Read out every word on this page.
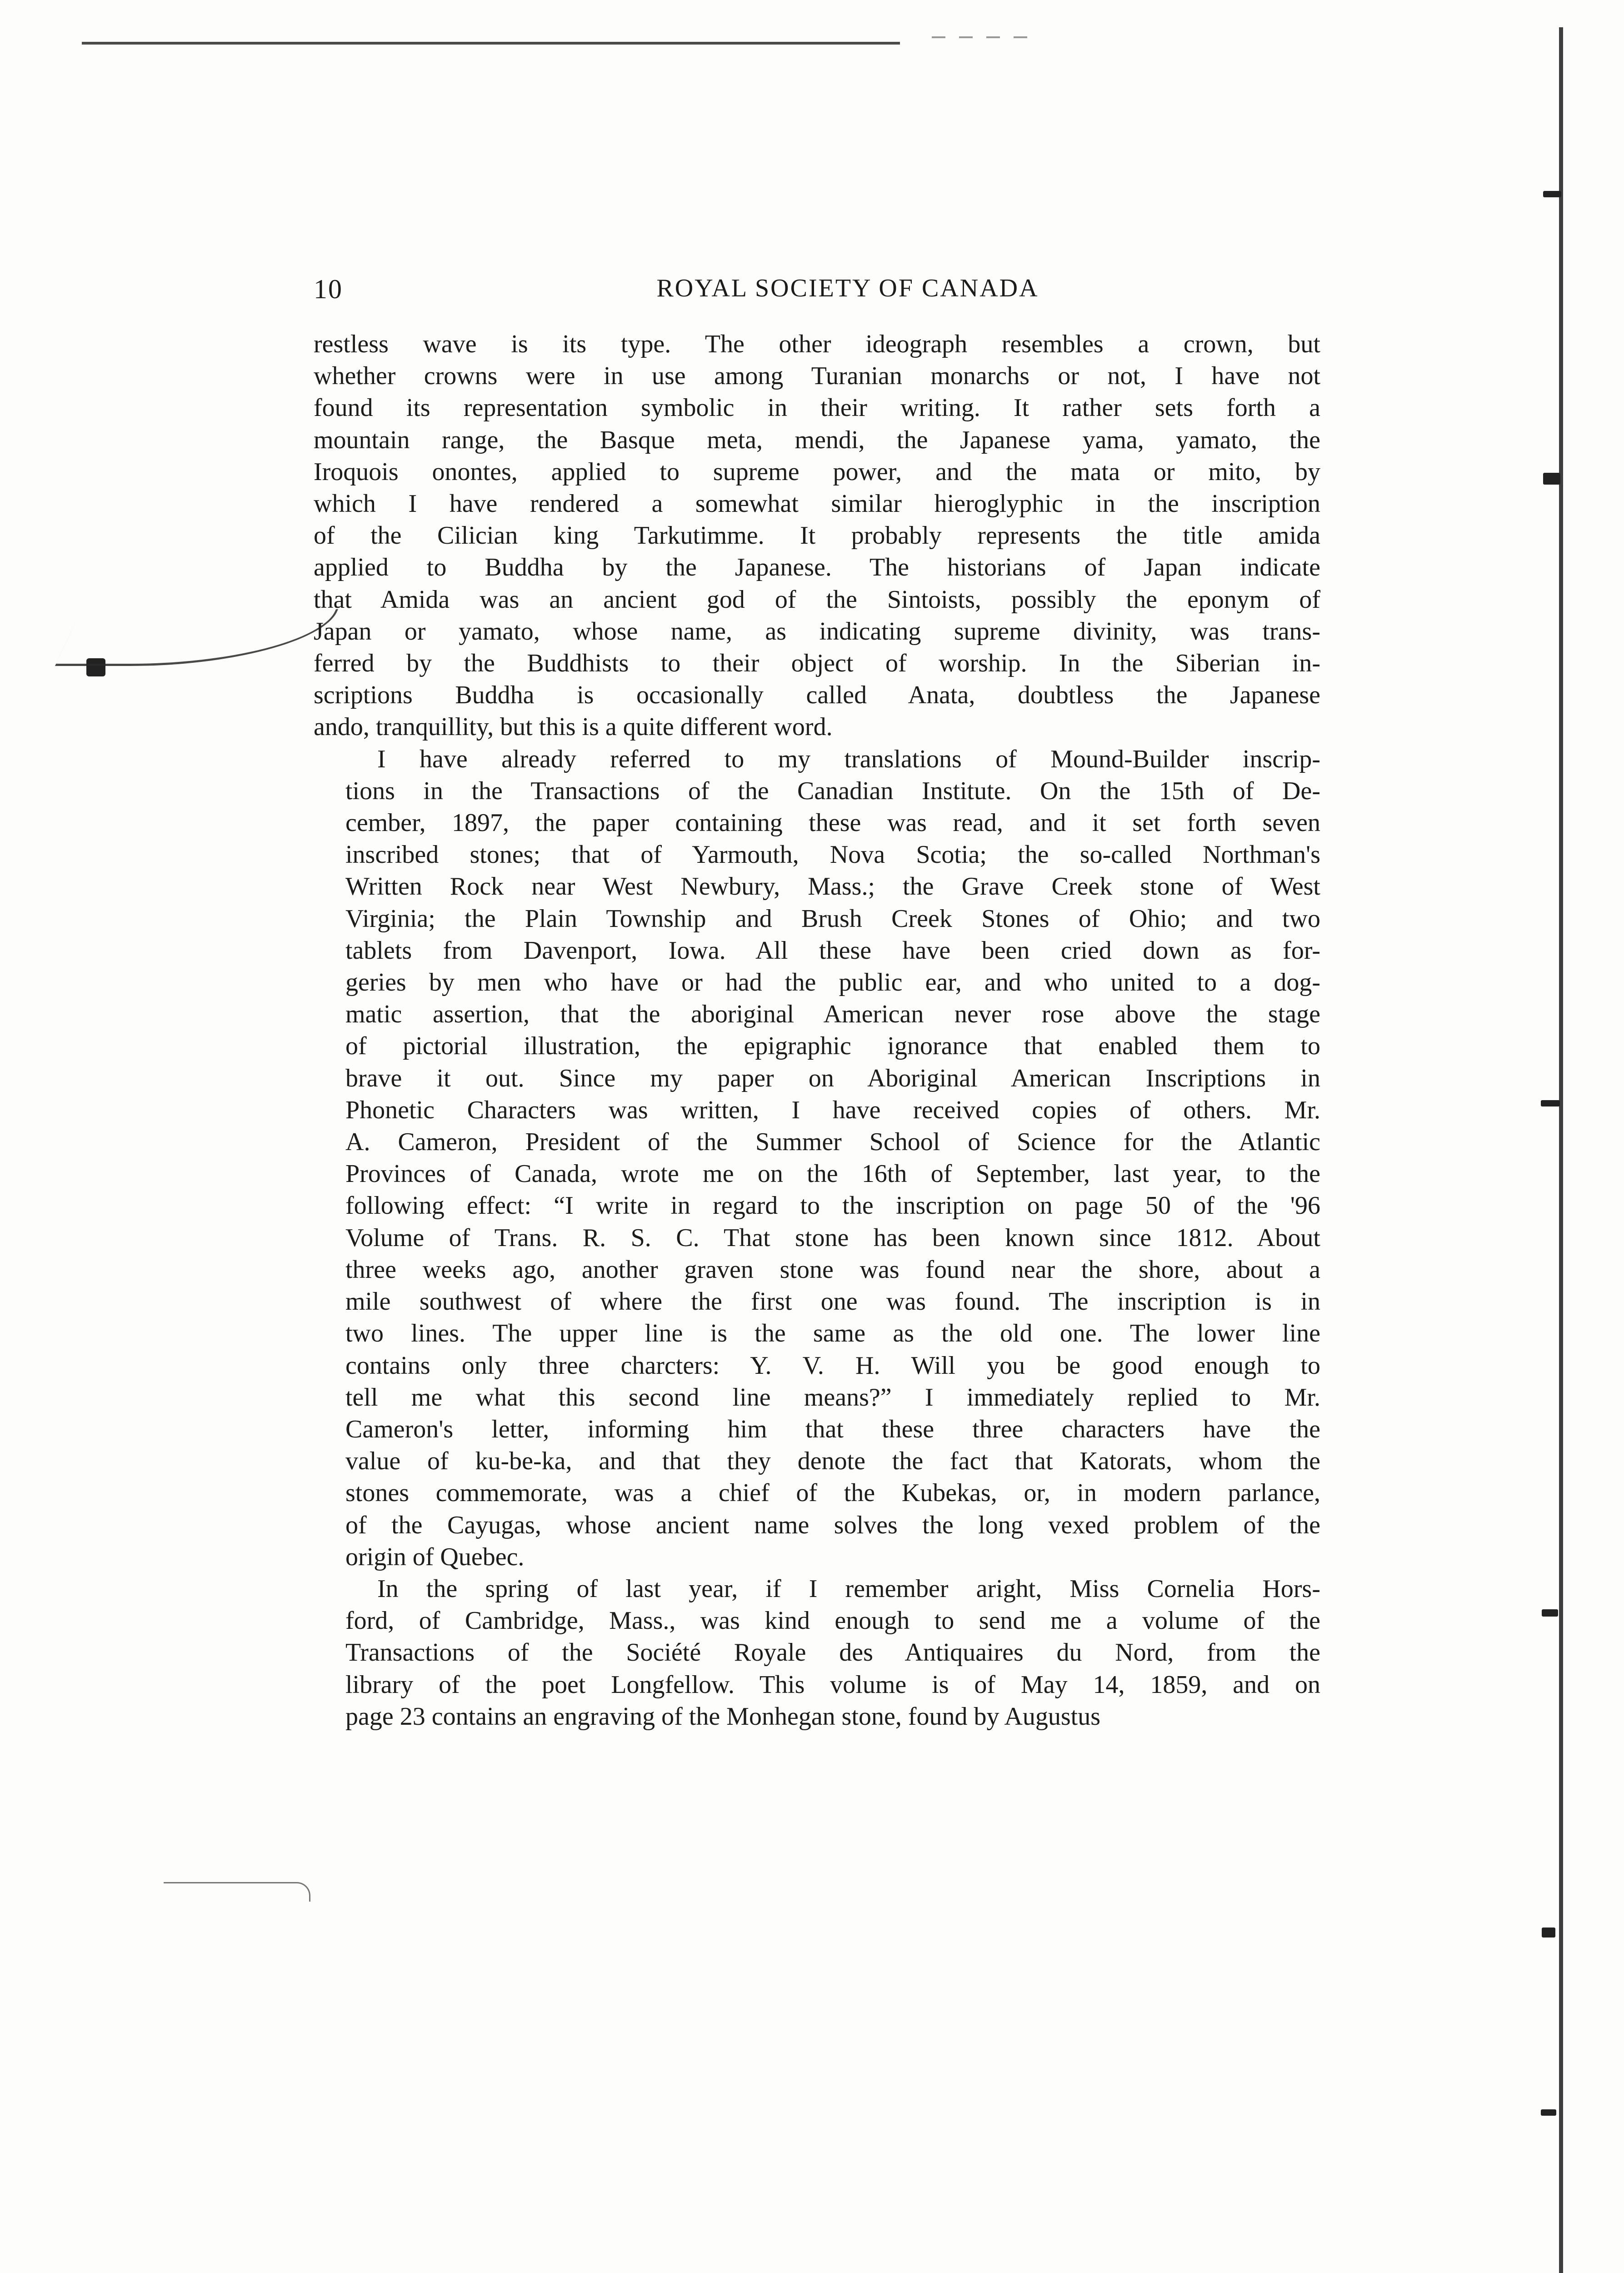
10	ROYAL SOCIETY OF CANADA

restless wave is its type. The other ideograph resembles a crown, but
whether crowns were in use among Turanian monarchs or not, I have not
found its representation symbolic in their writing. It rather sets forth a
mountain range, the Basque meta, mendi, the Japanese yama, yamato, the
Iroquois onontes, applied to supreme power, and the mata or mito, by
which I have rendered a somewhat similar hieroglyphic in the inscription
of the Cilician king Tarkutimme. It probably represents the title amida
applied to Buddha by the Japanese. The historians of Japan indicate
that Amida was an ancient god of the Sintoists, possibly the eponym of
Japan or yamato, whose name, as indicating supreme divinity, was trans-
ferred by the Buddhists to their object of worship. In the Siberian in-
scriptions Buddha is occasionally called Anata, doubtless the Japanese
ando, tranquillity, but this is a quite different word.

I have already referred to my translations of Mound-Builder inscrip-
tions in the Transactions of the Canadian Institute. On the 15th of De-
cember, 1897, the paper containing these was read, and it set forth seven
inscribed stones; that of Yarmouth, Nova Scotia; the so-called Northman's
Written Rock near West Newbury, Mass.; the Grave Creek stone of West
Virginia; the Plain Township and Brush Creek Stones of Ohio; and two
tablets from Davenport, Iowa. All these have been cried down as for-
geries by men who have or had the public ear, and who united to a dog-
matic assertion, that the aboriginal American never rose above the stage
of pictorial illustration, the epigraphic ignorance that enabled them to
brave it out. Since my paper on Aboriginal American Inscriptions in
Phonetic Characters was written, I have received copies of others. Mr.
A. Cameron, President of the Summer School of Science for the Atlantic
Provinces of Canada, wrote me on the 16th of September, last year, to the
following effect: “I write in regard to the inscription on page 50 of the '96
Volume of Trans. R. S. C. That stone has been known since 1812. About
three weeks ago, another graven stone was found near the shore, about a
mile southwest of where the first one was found. The inscription is in
two lines. The upper line is the same as the old one. The lower line
contains only three charcters: Y. V. H. Will you be good enough to
tell me what this second line means?” I immediately replied to Mr.
Cameron's letter, informing him that these three characters have the
value of ku-be-ka, and that they denote the fact that Katorats, whom the
stones commemorate, was a chief of the Kubekas, or, in modern parlance,
of the Cayugas, whose ancient name solves the long vexed problem of the
origin of Quebec.

In the spring of last year, if I remember aright, Miss Cornelia Hors-
ford, of Cambridge, Mass., was kind enough to send me a volume of the
Transactions of the Société Royale des Antiquaires du Nord, from the
library of the poet Longfellow. This volume is of May 14, 1859, and on
page 23 contains an engraving of the Monhegan stone, found by Augustus
